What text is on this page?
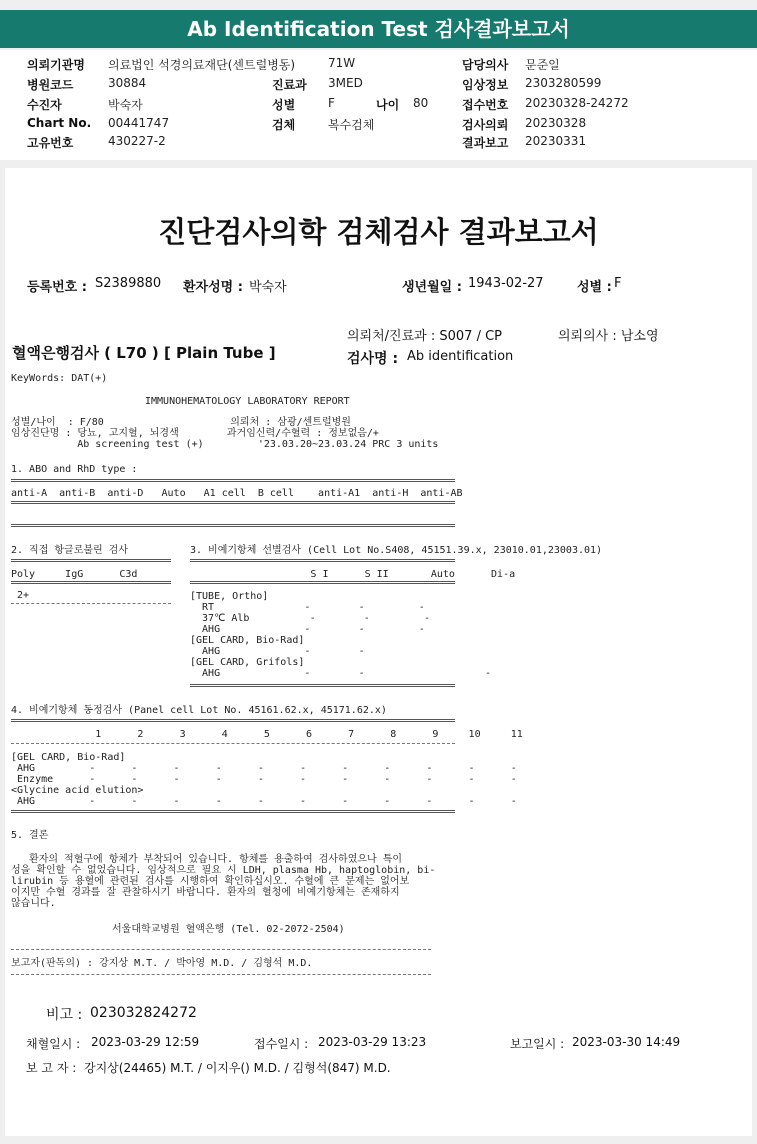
Ab Identification Test 검사결과보고서
의뢰기관명 의료법인 석경의료재단(센트럴병동)	71W	담당의사 문준일
병원코드	30884	진료과 3MED	임상정보 2303280599
수진자	박숙자	성별	F	나이 80	접수번호 20230328-24272
Chart No. 00441747	검체	복수검체	검사의뢰 20230328
고유번호	430227-2	결과보고 20230331
진단검사의학 검체검사 결과보고서
등록번호 : S2389880 환자성명 : 박숙자	생년월일 : 1943-02-27	성별 : F
의뢰처/진료과 : S007 / CP	의뢰의사 : 남소영
혈액은행검사 ( L70 ) [ Plain Tube ]	검사명 : Ab identification
KeyWords: DAT(+)
IMMUNOHEMATOLOGY LABORATORY REPORT
성별/나이  : F/80                     의뢰처 : 삼광/센트럴병원
임상진단명 : 당뇨, 고지혈, 뇌경색        과거임신력/수혈력 : 정보없음/+
Ab screening test (+)         '23.03.20~23.03.24 PRC 3 units
1. ABO and RhD type :
anti-A  anti-B  anti-D   Auto   A1 cell  B cell    anti-A1  anti-H  anti-AB
2. 직접 항글로불린 검사
Poly     IgG      C3d
2+
3. 비예기항체 선별검사 (Cell Lot No.S408, 45151.39.x, 23010.01,23003.01)
S I      S II       Auto      Di-a
[TUBE, Ortho]
RT               -        -         -
37℃ Alb          -        -         -
AHG              -        -         -
[GEL CARD, Bio-Rad]
AHG              -        -
[GEL CARD, Grifols]
AHG              -        -                    -
4. 비예기항체 동정검사 (Panel cell Lot No. 45161.62.x, 45171.62.x)
1      2      3      4      5      6      7      8      9     10     11
[GEL CARD, Bio-Rad]
AHG         -      -      -      -      -      -      -      -      -      -      -
Enzyme      -      -      -      -      -      -      -      -      -      -      -
<Glycine acid elution>
AHG         -      -      -      -      -      -      -      -      -      -      -
5. 결론
환자의 적혈구에 항체가 부착되어 있습니다. 항체를 용출하여 검사하였으나 특이
성을 확인할 수 없었습니다. 임상적으로 필요 시 LDH, plasma Hb, haptoglobin, bi-
lirubin 등 용혈에 관련된 검사를 시행하여 확인하십시오. 수혈에 큰 문제는 없어보
이지만 수혈 경과를 잘 관찰하시기 바랍니다. 환자의 혈청에 비예기항체는 존재하지
않습니다.
서울대학교병원 혈액은행 (Tel. 02-2072-2504)
보고자(판독의) : 강지상 M.T. / 박아영 M.D. / 김형석 M.D.
비고 : 023032824272
채혈일시 : 2023-03-29 12:59	접수일시 : 2023-03-29 13:23	보고일시 : 2023-03-30 14:49
보 고 자 : 강지상(24465) M.T. / 이지우() M.D. / 김형석(847) M.D.
